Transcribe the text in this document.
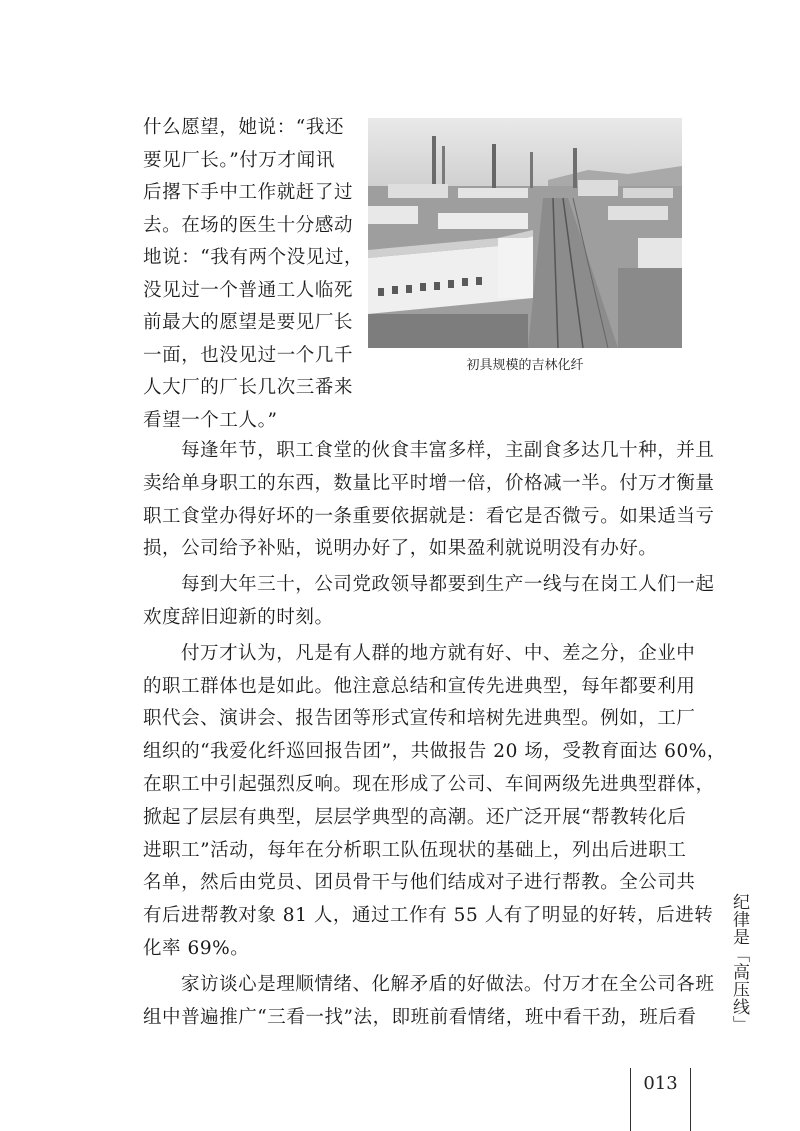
什么愿望，她说：“我还
要见厂长。”付万才闻讯
后撂下手中工作就赶了过
去。在场的医生十分感动
地说：“我有两个没见过，
没见过一个普通工人临死
前最大的愿望是要见厂长
一面，也没见过一个几千
人大厂的厂长几次三番来
看望一个工人。”
初具规模的吉林化纤

每逢年节，职工食堂的伙食丰富多样，主副食多达几十种，并且
卖给单身职工的东西，数量比平时增一倍，价格减一半。付万才衡量
职工食堂办得好坏的一条重要依据就是：看它是否微亏。如果适当亏
损，公司给予补贴，说明办好了，如果盈利就说明没有办好。

每到大年三十，公司党政领导都要到生产一线与在岗工人们一起
欢度辞旧迎新的时刻。

付万才认为，凡是有人群的地方就有好、中、差之分，企业中
的职工群体也是如此。他注意总结和宣传先进典型，每年都要利用
职代会、演讲会、报告团等形式宣传和培树先进典型。例如，工厂
组织的“我爱化纤巡回报告团”，共做报告 20 场，受教育面达 60%，
在职工中引起强烈反响。现在形成了公司、车间两级先进典型群体，
掀起了层层有典型，层层学典型的高潮。还广泛开展“帮教转化后
进职工”活动，每年在分析职工队伍现状的基础上，列出后进职工
名单，然后由党员、团员骨干与他们结成对子进行帮教。全公司共
有后进帮教对象 81 人，通过工作有 55 人有了明显的好转，后进转
化率 69%。

家访谈心是理顺情绪、化解矛盾的好做法。付万才在全公司各班
组中普遍推广“三看一找”法，即班前看情绪，班中看干劲，班后看 纪律是「高压线」
013
